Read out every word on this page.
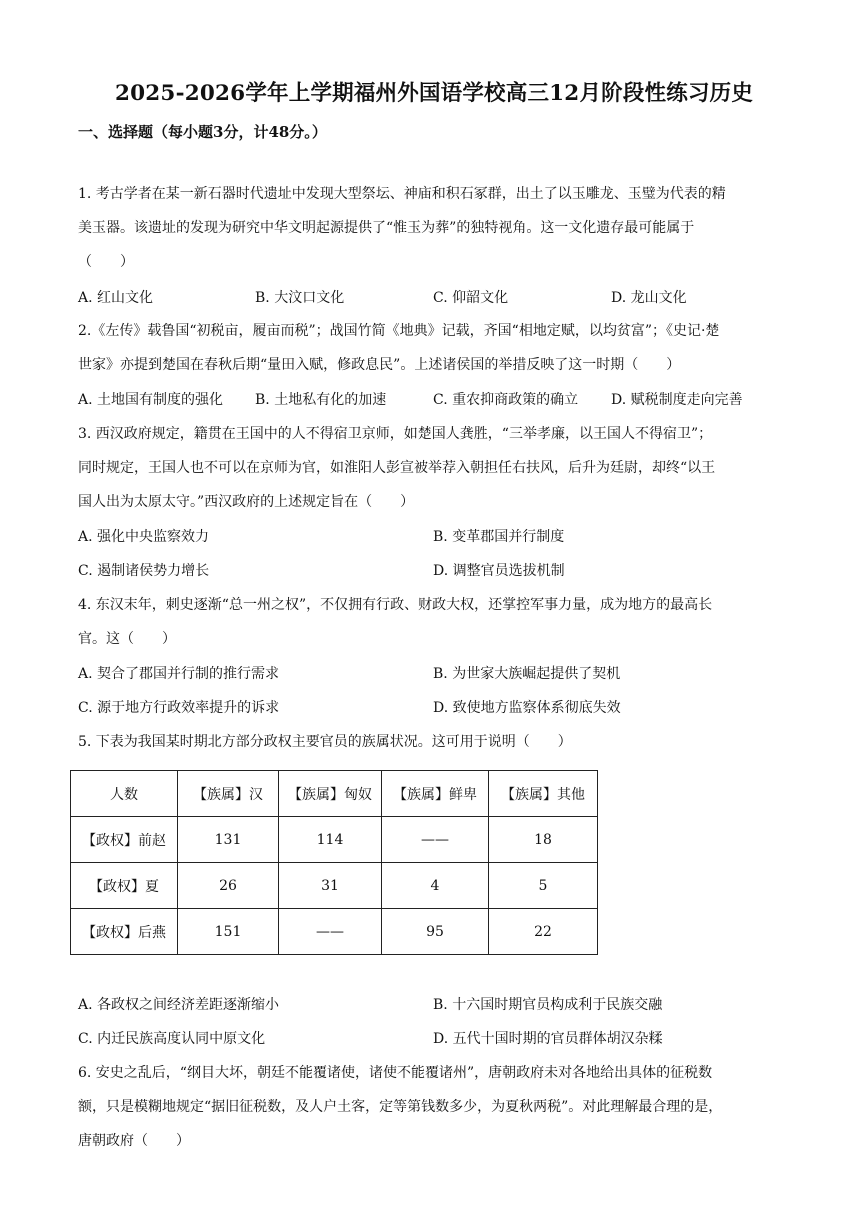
2025-2026学年上学期福州外国语学校高三12月阶段性练习历史
一、选择题（每小题3分，计48分。）
1. 考古学者在某一新石器时代遗址中发现大型祭坛、神庙和积石冢群，出土了以玉雕龙、玉璧为代表的精
美玉器。该遗址的发现为研究中华文明起源提供了“惟玉为葬”的独特视角。这一文化遗存最可能属于
（　　）
A. 红山文化	B. 大汶口文化	C. 仰韶文化	D. 龙山文化
2.《左传》载鲁国“初税亩，履亩而税”；战国竹简《地典》记载，齐国“相地定赋，以均贫富”；《史记·楚
世家》亦提到楚国在春秋后期“量田入赋，修政息民”。上述诸侯国的举措反映了这一时期（　　）
A. 土地国有制度的强化 B. 土地私有化的加速	C. 重农抑商政策的确立 D. 赋税制度走向完善
3. 西汉政府规定，籍贯在王国中的人不得宿卫京师，如楚国人龚胜，“三举孝廉，以王国人不得宿卫”；
同时规定，王国人也不可以在京师为官，如淮阳人彭宣被举荐入朝担任右扶风，后升为廷尉，却终“以王
国人出为太原太守。”西汉政府的上述规定旨在（　　）
A. 强化中央监察效力	B. 变革郡国并行制度
C. 遏制诸侯势力增长	D. 调整官员选拔机制
4. 东汉末年，刺史逐渐“总一州之权”，不仅拥有行政、财政大权，还掌控军事力量，成为地方的最高长
官。这（　　）
A. 契合了郡国并行制的推行需求	B. 为世家大族崛起提供了契机
C. 源于地方行政效率提升的诉求	D. 致使地方监察体系彻底失效
5. 下表为我国某时期北方部分政权主要官员的族属状况。这可用于说明（　　）
人数	【族属】汉	【族属】匈奴	【族属】鲜卑	【族属】其他
【政权】前赵	131	114	——	18
【政权】夏	26	31	4	5
【政权】后燕	151	——	95	22
A. 各政权之间经济差距逐渐缩小	B. 十六国时期官员构成利于民族交融
C. 内迁民族高度认同中原文化	D. 五代十国时期的官员群体胡汉杂糅
6. 安史之乱后，“纲目大坏，朝廷不能覆诸使，诸使不能覆诸州”，唐朝政府未对各地给出具体的征税数
额，只是模糊地规定“据旧征税数，及人户土客，定等第钱数多少，为夏秋两税”。对此理解最合理的是，
唐朝政府（　　）
